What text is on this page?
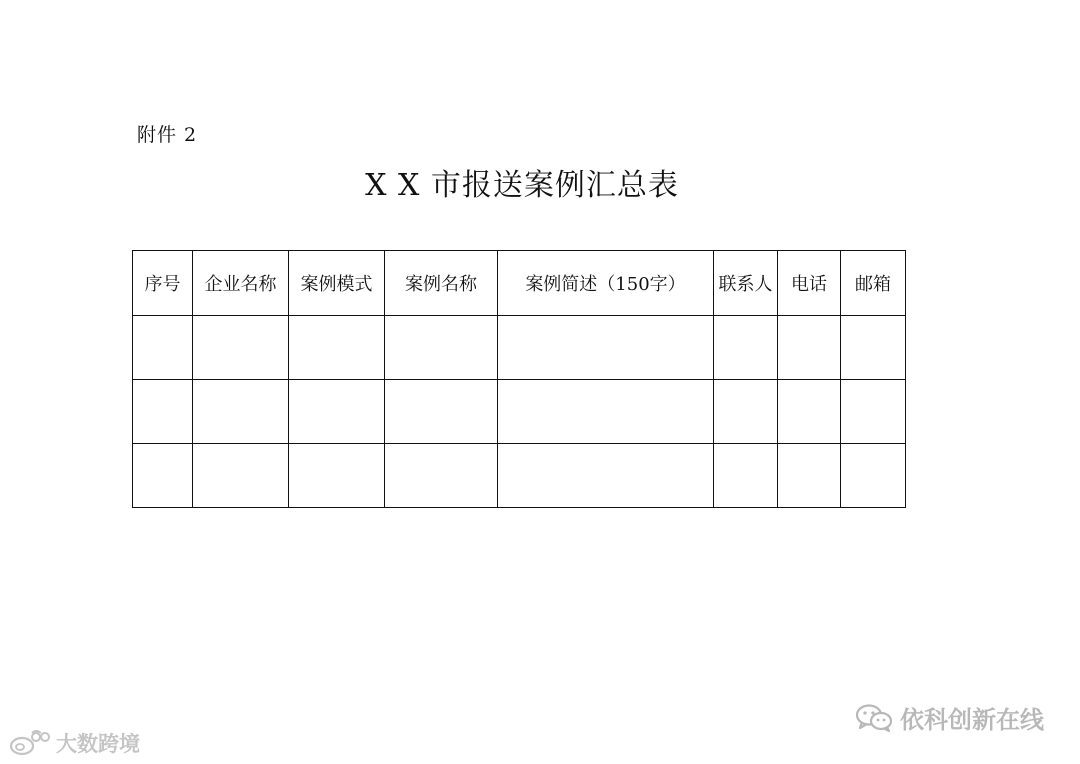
附件 2
X X 市报送案例汇总表
序号	企业名称	案例模式	案例名称	案例简述（150字）	联系人	电话	邮箱

依科创新在线
大数跨境
